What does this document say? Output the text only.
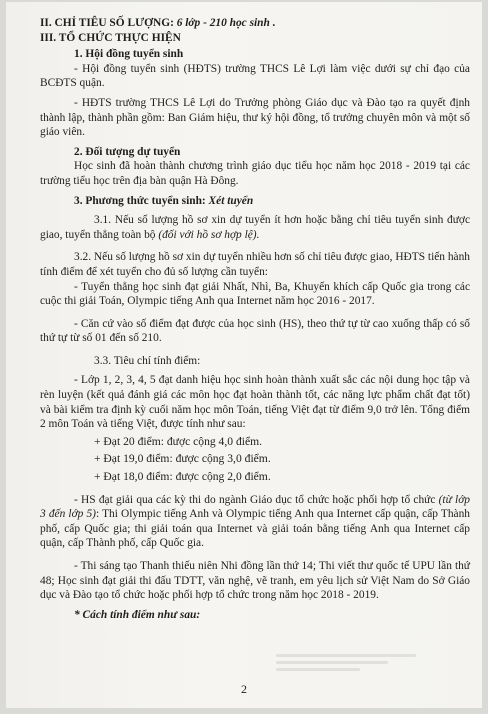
II. CHỈ TIÊU SỐ LƯỢNG: 6 lớp - 210 học sinh .

III. TỔ CHỨC THỰC HIỆN

1. Hội đồng tuyển sinh

- Hội đồng tuyển sinh (HĐTS) trường THCS Lê Lợi làm việc dưới sự chỉ đạo của BCĐTS quận.

- HĐTS trường THCS Lê Lợi do Trưởng phòng Giáo dục và Đào tạo ra quyết định thành lập, thành phần gồm: Ban Giám hiệu, thư ký hội đồng, tổ trưởng chuyên môn và một số giáo viên.

2. Đối tượng dự tuyển

Học sinh đã hoàn thành chương trình giáo dục tiểu học năm học 2018 - 2019 tại các trường tiểu học trên địa bàn quận Hà Đông.

3. Phương thức tuyển sinh: Xét tuyển

3.1. Nếu số lượng hồ sơ xin dự tuyển ít hơn hoặc bằng chỉ tiêu tuyển sinh được giao, tuyển thẳng toàn bộ (đối với hồ sơ hợp lệ).

3.2. Nếu số lượng hồ sơ xin dự tuyển nhiều hơn số chỉ tiêu được giao, HĐTS tiến hành tính điểm để xét tuyển cho đủ số lượng cần tuyển:

- Tuyển thẳng học sinh đạt giải Nhất, Nhì, Ba, Khuyến khích cấp Quốc gia trong các cuộc thi giải Toán, Olympic tiếng Anh qua Internet năm học 2016 - 2017.

- Căn cứ vào số điểm đạt được của học sinh (HS), theo thứ tự từ cao xuống thấp có số thứ tự từ số 01 đến số 210.

3.3. Tiêu chí tính điểm:

- Lớp 1, 2, 3, 4, 5 đạt danh hiệu học sinh hoàn thành xuất sắc các nội dung học tập và rèn luyện (kết quả đánh giá các môn học đạt hoàn thành tốt, các năng lực phẩm chất đạt tốt) và bài kiểm tra định kỳ cuối năm học môn Toán, tiếng Việt đạt từ điểm 9,0 trở lên. Tổng điểm 2 môn Toán và tiếng Việt, được tính như sau:

+ Đạt 20 điểm: được cộng 4,0 điểm.

+ Đạt 19,0 điểm: được cộng 3,0 điểm.

+ Đạt 18,0 điểm: được cộng 2,0 điểm.

- HS đạt giải qua các kỳ thi do ngành Giáo dục tổ chức hoặc phối hợp tổ chức (từ lớp 3 đến lớp 5): Thi Olympic tiếng Anh và Olympic tiếng Anh qua Internet cấp quận, cấp Thành phố, cấp Quốc gia; thi giải toán qua Internet và giải toán bằng tiếng Anh qua Internet cấp quận, cấp Thành phố, cấp Quốc gia.

- Thi sáng tạo Thanh thiếu niên Nhi đồng lần thứ 14; Thi viết thư quốc tế UPU lần thứ 48; Học sinh đạt giải thi đấu TDTT, văn nghệ, vẽ tranh, em yêu lịch sử Việt Nam do Sở Giáo dục và Đào tạo tổ chức hoặc phối hợp tổ chức trong năm học 2018 - 2019.

* Cách tính điểm như sau:

2
